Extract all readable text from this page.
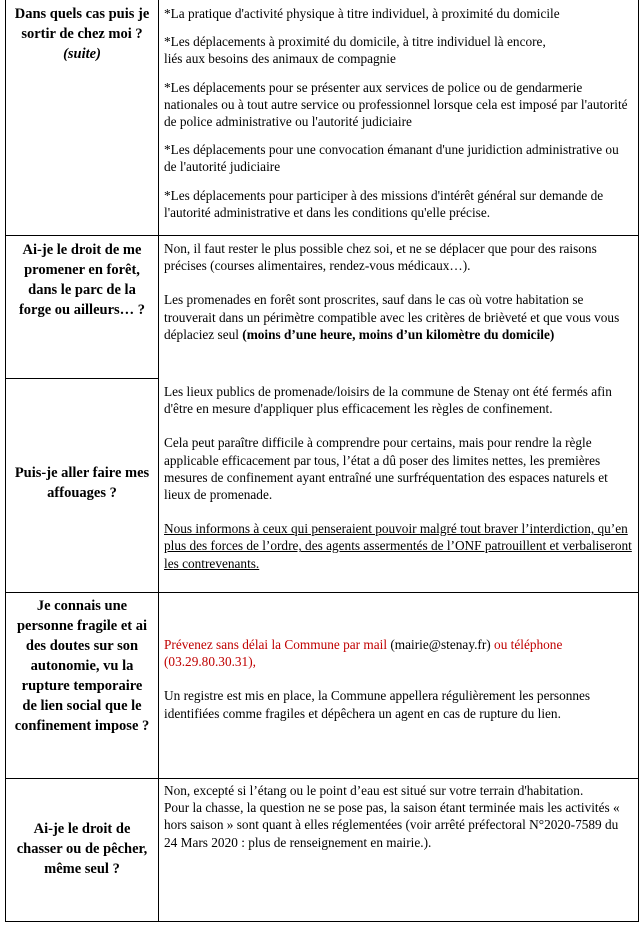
Dans quels cas puis je sortir de chez moi ? (suite)

*La pratique d'activité physique à titre individuel, à proximité du domicile

*Les déplacements à proximité du domicile, à titre individuel là encore,

liés aux besoins des animaux de compagnie

*Les déplacements pour se présenter aux services de police ou de gendarmerie nationales ou à tout autre service ou professionnel lorsque cela est imposé par l'autorité de police administrative ou l'autorité judiciaire

*Les déplacements pour une convocation émanant d'une juridiction administrative ou de l'autorité judiciaire

*Les déplacements pour participer à des missions d'intérêt général sur demande de l'autorité administrative et dans les conditions qu'elle précise.

Ai-je le droit de me promener en forêt, dans le parc de la forge ou ailleurs… ?

Non, il faut rester le plus possible chez soi, et ne se déplacer que pour des raisons précises (courses alimentaires, rendez-vous médicaux…).

Les promenades en forêt sont proscrites, sauf dans le cas où votre habitation se trouverait dans un périmètre compatible avec les critères de brièveté et que vous vous déplaciez seul (moins d’une heure, moins d’un kilomètre du domicile)

Puis-je aller faire mes affouages ?

Les lieux publics de promenade/loisirs de la commune de Stenay ont été fermés afin d'être en mesure d'appliquer plus efficacement les règles de confinement.

Cela peut paraître difficile à comprendre pour certains, mais pour rendre la règle applicable efficacement par tous, l’état a dû poser des limites nettes, les premières mesures de confinement ayant entraîné une surfréquentation des espaces naturels et lieux de promenade.

Nous informons à ceux qui penseraient pouvoir malgré tout braver l’interdiction, qu’en plus des forces de l’ordre, des agents assermentés de l’ONF patrouillent et verbaliseront les contrevenants.

Je connais une personne fragile et ai des doutes sur son autonomie, vu la rupture temporaire de lien social que le confinement impose ?

Prévenez sans délai la Commune par mail (mairie@stenay.fr) ou téléphone (03.29.80.30.31),

Un registre est mis en place, la Commune appellera régulièrement les personnes identifiées comme fragiles et dépêchera un agent en cas de rupture du lien.

Ai-je le droit de chasser ou de pêcher, même seul ?

Non, excepté si l’étang ou le point d’eau est situé sur votre terrain d'habitation.

Pour la chasse, la question ne se pose pas, la saison étant terminée mais les activités « hors saison » sont quant à elles réglementées (voir arrêté préfectoral N°2020-7589 du 24 Mars 2020 : plus de renseignement en mairie.).
